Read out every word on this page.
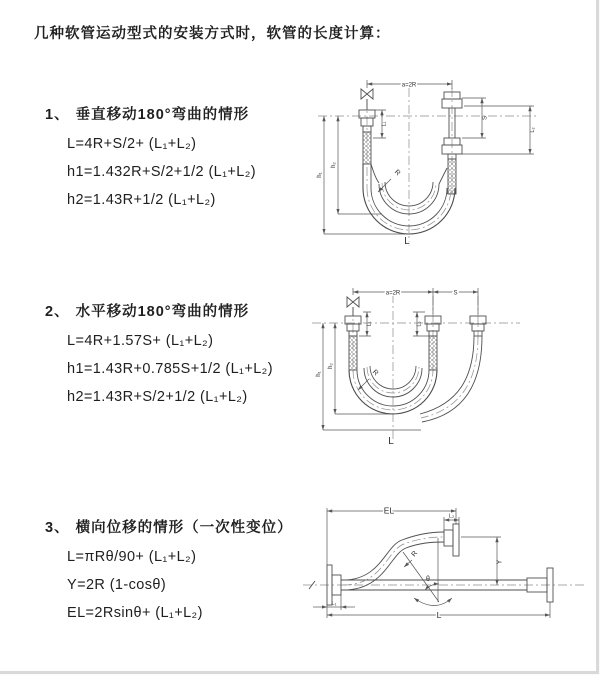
几种软管运动型式的安装方式时，软管的长度计算：

1、 垂直移动180°弯曲的情形

L=4R+S/2+ (L₁+L₂)
h1=1.432R+S/2+1/2 (L₁+L₂)
h2=1.43R+1/2 (L₁+L₂)

2、 水平移动180°弯曲的情形

L=4R+1.57S+ (L₁+L₂)
h1=1.43R+0.785S+1/2 (L₁+L₂)
h2=1.43R+S/2+1/2 (L₁+L₂)

3、 横向位移的情形（一次性变位）

L=πRθ/90+ (L₁+L₂)
Y=2R (1-cosθ)
EL=2Rsinθ+ (L₁+L₂)
a=2R
L₁
S
L₂
h₁
h₂
R
L
a=2R	S
L₁	L₂
h₁
h₂
R
L
θ
R
EL
L₂
Y
L
L₁
